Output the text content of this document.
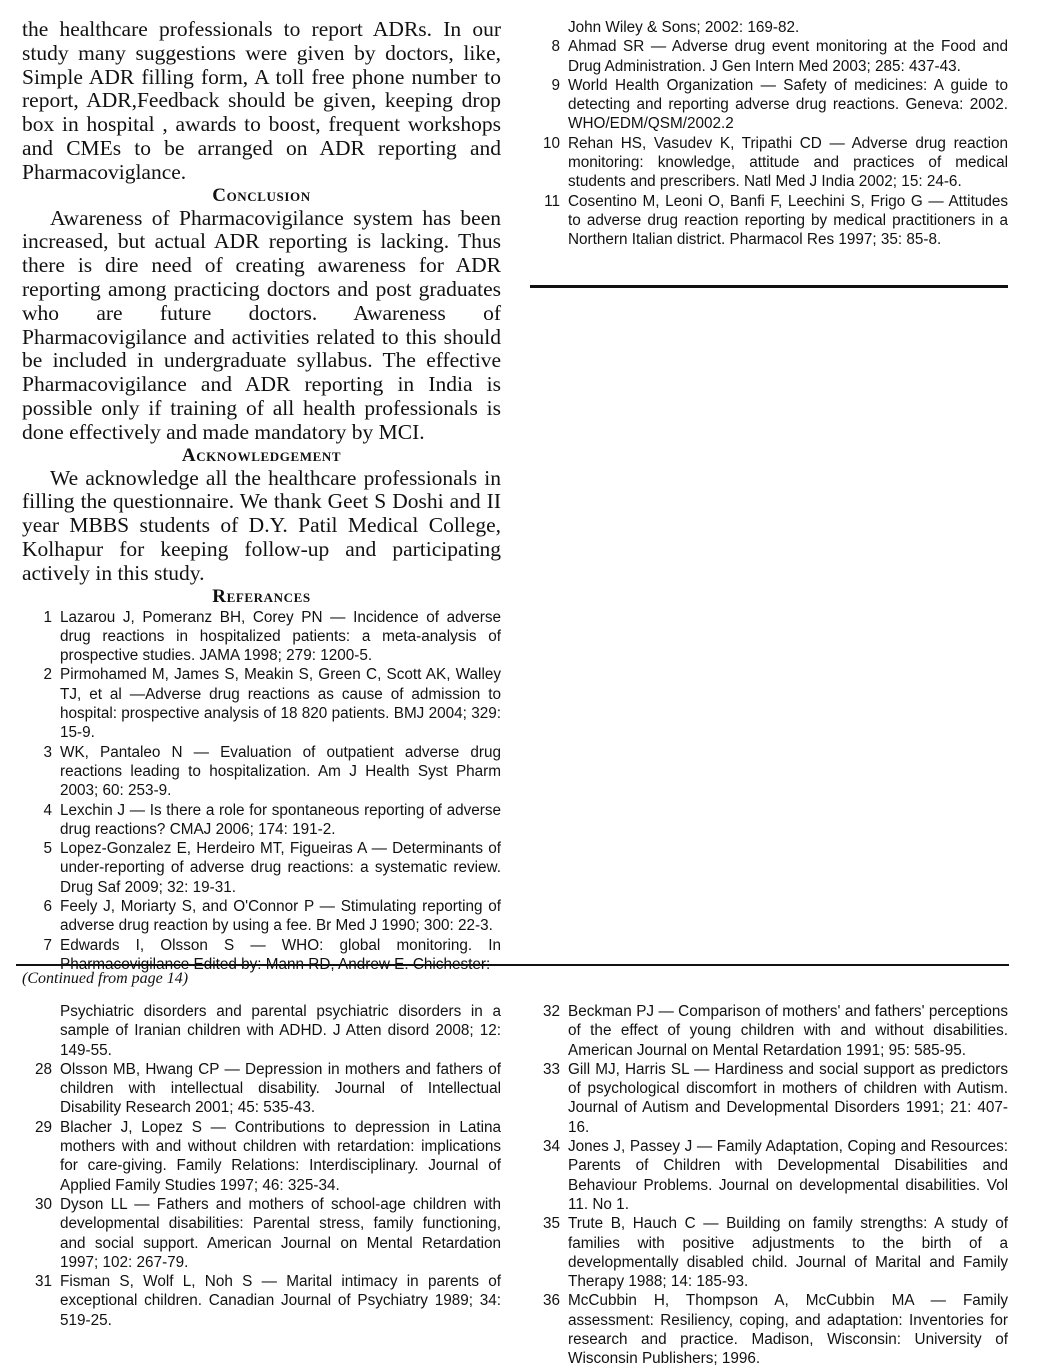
the healthcare professionals to report ADRs. In our study many suggestions were given by doctors, like, Simple ADR filling form, A toll free phone number to report, ADR,Feedback should be given, keeping drop box in hospital , awards to boost, frequent workshops and CMEs to be arranged on ADR reporting and Pharmacoviglance.

Conclusion

Awareness of Pharmacovigilance system has been increased, but actual ADR reporting is lacking. Thus there is dire need of creating awareness for ADR reporting among practicing doctors and post graduates who are future doctors. Awareness of Pharmacovigilance and activities related to this should be included in undergraduate syllabus. The effective Pharmacovigilance and ADR reporting in India is possible only if training of all health professionals is done effectively and made mandatory by MCI.

Acknowledgement

We acknowledge all the healthcare professionals in filling the questionnaire. We thank Geet S Doshi and II year MBBS students of D.Y. Patil Medical College, Kolhapur for keeping follow-up and participating actively in this study.

Referances

1 Lazarou J, Pomeranz BH, Corey PN — Incidence of adverse drug reactions in hospitalized patients: a meta-analysis of prospective studies. JAMA 1998; 279: 1200-5.
2 Pirmohamed M, James S, Meakin S, Green C, Scott AK, Walley TJ, et al —Adverse drug reactions as cause of admission to hospital: prospective analysis of 18 820 patients. BMJ 2004; 329: 15-9.
3 WK, Pantaleo N — Evaluation of outpatient adverse drug reactions leading to hospitalization. Am J Health Syst Pharm 2003; 60: 253-9.
4 Lexchin J — Is there a role for spontaneous reporting of adverse drug reactions? CMAJ 2006; 174: 191-2.
5 Lopez-Gonzalez E, Herdeiro MT, Figueiras A — Determinants of under-reporting of adverse drug reactions: a systematic review. Drug Saf 2009; 32: 19-31.
6 Feely J, Moriarty S, and O'Connor P — Stimulating reporting of adverse drug reaction by using a fee. Br Med J 1990; 300: 22-3.
7 Edwards I, Olsson S — WHO: global monitoring. In Pharmacovigilance Edited by: Mann RD, Andrew E. Chichester:
John Wiley & Sons; 2002: 169-82.
8 Ahmad SR — Adverse drug event monitoring at the Food and Drug Administration. J Gen Intern Med 2003; 285: 437-43.
9 World Health Organization — Safety of medicines: A guide to detecting and reporting adverse drug reactions. Geneva: 2002. WHO/EDM/QSM/2002.2
10 Rehan HS, Vasudev K, Tripathi CD — Adverse drug reaction monitoring: knowledge, attitude and practices of medical students and prescribers. Natl Med J India 2002; 15: 24-6.
11 Cosentino M, Leoni O, Banfi F, Leechini S, Frigo G — Attitudes to adverse drug reaction reporting by medical practitioners in a Northern Italian district. Pharmacol Res 1997; 35: 85-8.
(Continued from page 14)
Psychiatric disorders and parental psychiatric disorders in a sample of Iranian children with ADHD. J Atten disord 2008; 12: 149-55.
28 Olsson MB, Hwang CP — Depression in mothers and fathers of children with intellectual disability. Journal of Intellectual Disability Research 2001; 45: 535-43.
29 Blacher J, Lopez S — Contributions to depression in Latina mothers with and without children with retardation: implications for care-giving. Family Relations: Interdisciplinary. Journal of Applied Family Studies 1997; 46: 325-34.
30 Dyson LL — Fathers and mothers of school-age children with developmental disabilities: Parental stress, family functioning, and social support. American Journal on Mental Retardation 1997; 102: 267-79.
31 Fisman S, Wolf L, Noh S — Marital intimacy in parents of exceptional children. Canadian Journal of Psychiatry 1989; 34: 519-25.
32 Beckman PJ — Comparison of mothers' and fathers' perceptions of the effect of young children with and without disabilities. American Journal on Mental Retardation 1991; 95: 585-95.
33 Gill MJ, Harris SL — Hardiness and social support as predictors of psychological discomfort in mothers of children with Autism. Journal of Autism and Developmental Disorders 1991; 21: 407-16.
34 Jones J, Passey J — Family Adaptation, Coping and Resources: Parents of Children with Developmental Disabilities and Behaviour Problems. Journal on developmental disabilities. Vol 11. No 1.
35 Trute B, Hauch C — Building on family strengths: A study of families with positive adjustments to the birth of a developmentally disabled child. Journal of Marital and Family Therapy 1988; 14: 185-93.
36 McCubbin H, Thompson A, McCubbin MA — Family assessment: Resiliency, coping, and adaptation: Inventories for research and practice. Madison, Wisconsin: University of Wisconsin Publishers; 1996.
